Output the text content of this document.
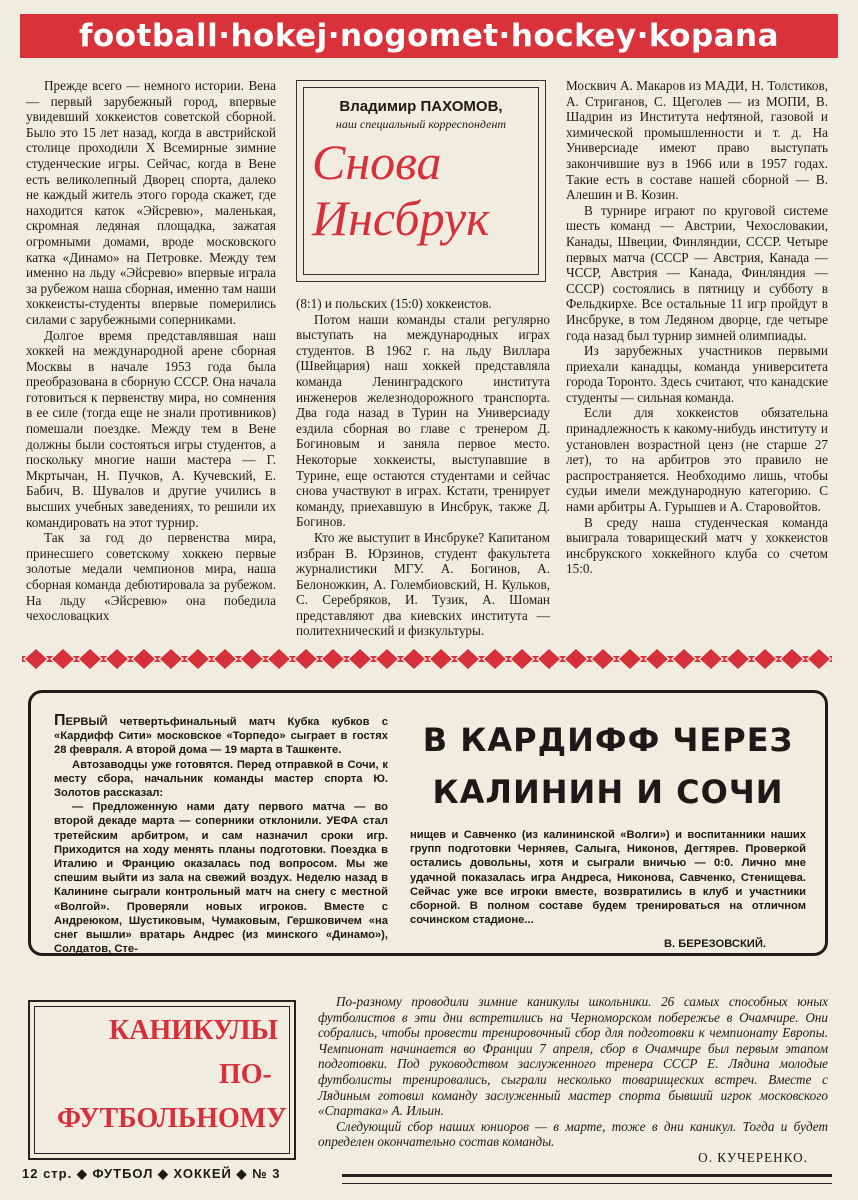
football·hokej·nogomet·hockey·kopana

Прежде всего — немного истории. Вена — первый зарубежный город, впервые увидевший хоккеистов советской сборной. Было это 15 лет назад, когда в австрийской столице проходили X Всемирные зимние студенческие игры. Сейчас, когда в Вене есть великолепный Дворец спорта, далеко не каждый житель этого города скажет, где находится каток «Эйсревю», маленькая, скромная ледяная площадка, зажатая огромными домами, вроде московского катка «Динамо» на Петровке. Между тем именно на льду «Эйсревю» впервые играла за рубежом наша сборная, именно там наши хоккеисты-студенты впервые померились силами с зарубежными соперниками.

Долгое время представлявшая наш хоккей на международной арене сборная Москвы в начале 1953 года была преобразована в сборную СССР. Она начала готовиться к первенству мира, но сомнения в ее силе (тогда еще не знали противников) помешали поездке. Между тем в Вене должны были состояться игры студентов, а поскольку многие наши мастера — Г. Мкртычан, Н. Пучков, А. Кучевский, Е. Бабич, В. Шувалов и другие учились в высших учебных заведениях, то решили их командировать на этот турнир.

Так за год до первенства мира, принесшего советскому хоккею первые золотые медали чемпионов мира, наша сборная команда дебютировала за рубежом. На льду «Эйсревю» она победила чехословацких

Владимир ПАХОМОВ,
наш специальный корреспондент
Снова
Инсбрук

(8:1) и польских (15:0) хоккеистов.

Потом наши команды стали регулярно выступать на международных играх студентов. В 1962 г. на льду Виллара (Швейцария) наш хоккей представляла команда Ленинградского института инженеров железнодорожного транспорта. Два года назад в Турин на Универсиаду ездила сборная во главе с тренером Д. Богиновым и заняла первое место. Некоторые хоккеисты, выступавшие в Турине, еще остаются студентами и сейчас снова участвуют в играх. Кстати, тренирует команду, приехавшую в Инсбрук, также Д. Богинов.

Кто же выступит в Инсбруке? Капитаном избран В. Юрзинов, студент факультета журналистики МГУ. А. Богинов, А. Белоножкин, А. Голембиовский, Н. Кульков, С. Серебряков, И. Тузик, А. Шоман представляют два киевских института — политехнический и физкультуры.

Москвич А. Макаров из МАДИ, Н. Толстиков, А. Стриганов, С. Щеголев — из МОПИ, В. Шадрин из Института нефтяной, газовой и химической промышленности и т. д. На Универсиаде имеют право выступать закончившие вуз в 1966 или в 1957 годах. Такие есть в составе нашей сборной — В. Алешин и В. Козин.

В турнире играют по круговой системе шесть команд — Австрии, Чехословакии, Канады, Швеции, Финляндии, СССР. Четыре первых матча (СССР — Австрия, Канада — ЧССР, Австрия — Канада, Финляндия — СССР) состоялись в пятницу и субботу в Фельдкирхе. Все остальные 11 игр пройдут в Инсбруке, в том Ледяном дворце, где четыре года назад был турнир зимней олимпиады.

Из зарубежных участников первыми приехали канадцы, команда университета города Торонто. Здесь считают, что канадские студенты — сильная команда.

Если для хоккеистов обязательна принадлежность к какому-нибудь институту и установлен возрастной ценз (не старше 27 лет), то на арбитров это правило не распространяется. Необходимо лишь, чтобы судьи имели международную категорию. С нами арбитры А. Гурышев и А. Старовойтов.

В среду наша студенческая команда выиграла товарищеский матч у хоккеистов инсбрукского хоккейного клуба со счетом 15:0.

ПЕРВЫЙ четвертьфинальный матч Кубка кубков с «Кардифф Сити» московское «Торпедо» сыграет в гостях 28 февраля. А второй дома — 19 марта в Ташкенте.

Автозаводцы уже готовятся. Перед отправкой в Сочи, к месту сбора, начальник команды мастер спорта Ю. Золотов рассказал:

— Предложенную нами дату первого матча — во второй декаде марта — соперники отклонили. УЕФА стал третейским арбитром, и сам назначил сроки игр. Приходится на ходу менять планы подготовки. Поездка в Италию и Францию оказалась под вопросом. Мы же спешим выйти из зала на свежий воздух. Неделю назад в Калинине сыграли контрольный матч на снегу с местной «Волгой». Проверяли новых игроков. Вместе с Андреюком, Шустиковым, Чумаковым, Гершковичем «на снег вышли» вратарь Андрес (из минского «Динамо»), Солдатов, Сте-

В КАРДИФФ ЧЕРЕЗ
КАЛИНИН И СОЧИ

нищев и Савченко (из калининской «Волги») и воспитанники наших групп подготовки Черняев, Салыга, Никонов, Дегтярев. Проверкой остались довольны, хотя и сыграли вничью — 0:0. Лично мне удачной показалась игра Андреса, Никонова, Савченко, Стенищева. Сейчас уже все игроки вместе, возвратились в клуб и участники сборной. В полном составе будем тренироваться на отличном сочинском стадионе...

В. БЕРЕЗОВСКИЙ.
КАНИКУЛЫ
ПО-
ФУТБОЛЬНОМУ

По-разному проводили зимние каникулы школьники. 26 самых способных юных футболистов в эти дни встретились на Черноморском побережье в Очамчире. Они собрались, чтобы провести тренировочный сбор для подготовки к чемпионату Европы. Чемпионат начинается во Франции 7 апреля, сбор в Очамчире был первым этапом подготовки. Под руководством заслуженного тренера СССР Е. Лядина молодые футболисты тренировались, сыграли несколько товарищеских встреч. Вместе с Лядиным готовил команду заслуженный мастер спорта бывший игрок московского «Спартака» А. Ильин.

Следующий сбор наших юниоров — в марте, тоже в дни каникул. Тогда и будет определен окончательно состав команды.

О. КУЧЕРЕНКО.
12 стр. ◆ ФУТБОЛ ◆ ХОККЕЙ ◆ № 3
